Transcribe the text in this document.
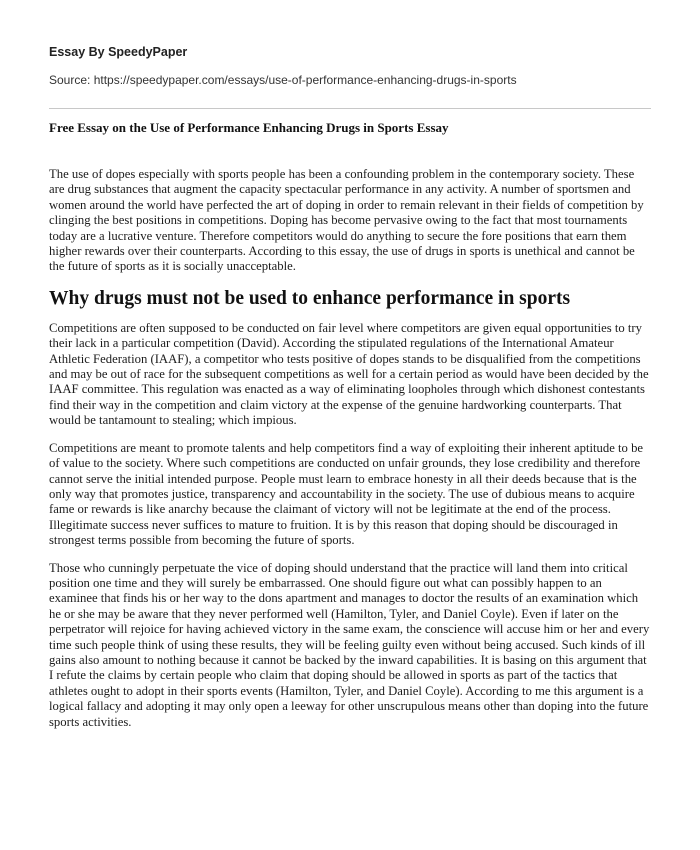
Essay By SpeedyPaper
Source: https://speedypaper.com/essays/use-of-performance-enhancing-drugs-in-sports
Free Essay on the Use of Performance Enhancing Drugs in Sports Essay

The use of dopes especially with sports people has been a confounding problem in the contemporary society. These are drug substances that augment the capacity spectacular performance in any activity. A number of sportsmen and women around the world have perfected the art of doping in order to remain relevant in their fields of competition by clinging the best positions in competitions. Doping has become pervasive owing to the fact that most tournaments today are a lucrative venture. Therefore competitors would do anything to secure the fore positions that earn them higher rewards over their counterparts. According to this essay, the use of drugs in sports is unethical and cannot be the future of sports as it is socially unacceptable.

Why drugs must not be used to enhance performance in sports

Competitions are often supposed to be conducted on fair level where competitors are given equal opportunities to try their lack in a particular competition (David). According the stipulated regulations of the International Amateur Athletic Federation (IAAF), a competitor who tests positive of dopes stands to be disqualified from the competitions and may be out of race for the subsequent competitions as well for a certain period as would have been decided by the IAAF committee. This regulation was enacted as a way of eliminating loopholes through which dishonest contestants find their way in the competition and claim victory at the expense of the genuine hardworking counterparts. That would be tantamount to stealing; which impious.

Competitions are meant to promote talents and help competitors find a way of exploiting their inherent aptitude to be of value to the society. Where such competitions are conducted on unfair grounds, they lose credibility and therefore cannot serve the initial intended purpose. People must learn to embrace honesty in all their deeds because that is the only way that promotes justice, transparency and accountability in the society. The use of dubious means to acquire fame or rewards is like anarchy because the claimant of victory will not be legitimate at the end of the process. Illegitimate success never suffices to mature to fruition. It is by this reason that doping should be discouraged in strongest terms possible from becoming the future of sports.

Those who cunningly perpetuate the vice of doping should understand that the practice will land them into critical position one time and they will surely be embarrassed. One should figure out what can possibly happen to an examinee that finds his or her way to the dons apartment and manages to doctor the results of an examination which he or she may be aware that they never performed well (Hamilton, Tyler, and Daniel Coyle). Even if later on the perpetrator will rejoice for having achieved victory in the same exam, the conscience will accuse him or her and every time such people think of using these results, they will be feeling guilty even without being accused. Such kinds of ill gains also amount to nothing because it cannot be backed by the inward capabilities. It is basing on this argument that I refute the claims by certain people who claim that doping should be allowed in sports as part of the tactics that athletes ought to adopt in their sports events (Hamilton, Tyler, and Daniel Coyle). According to me this argument is a logical fallacy and adopting it may only open a leeway for other unscrupulous means other than doping into the future sports activities.
